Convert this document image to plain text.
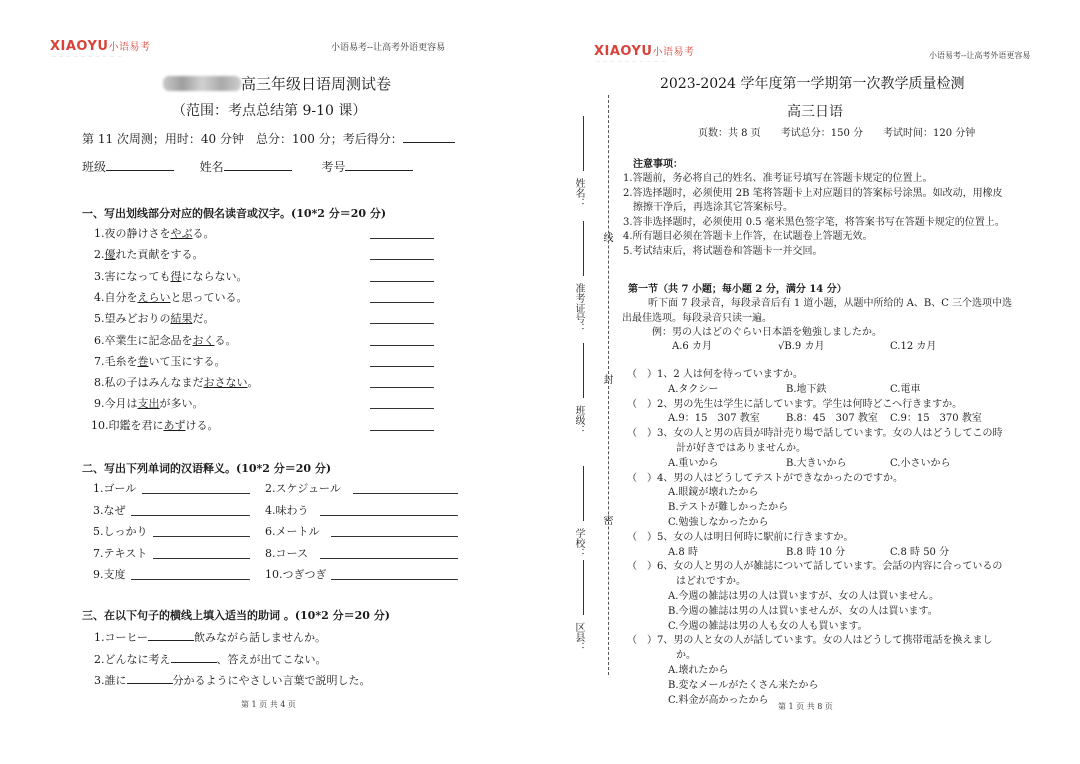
XIAOYU小语易考
— — — — — — — — — —
小语易考--让高考外语更容易
高三年级日语周测试卷
（范围：考点总结第 9-10 课）
第 11 次周测；用时：40 分钟　总分：100 分；考后得分：
班级	姓名	考号
一、写出划线部分对应的假名读音或汉字。(10*2 分＝20 分)
1.夜の静けさをやぶる。
2.優れた貢献をする。
3.害になっても得にならない。
4.自分をえらいと思っている。
5.望みどおりの結果だ。
6.卒業生に記念品をおくる。
7.毛糸を巻いて玉にする。
8.私の子はみんなまだおさない。
9.今月は支出が多い。
10.印鑑を君にあずける。
二、写出下列单词的汉语释义。(10*2 分＝20 分)
1.ゴール	2.スケジュール
3.なぜ	4.味わう
5.しっかり	6.メートル
7.テキスト	8.コース
9.支度	10.つぎつぎ
三、在以下句子的横线上填入适当的助词 。(10*2 分＝20 分)
1.コーヒー	飲みながら話しませんか。
2.どんなに考え	、答えが出てこない。
3.誰に	分かるようにやさしい言葉で説明した。
第 1 页 共 4 页
XIAOYU小语易考
— — — — — — — — — —
小语易考--让高考外语更容易
姓名：
准考证号：
班级：
学校：
区县：
线
封
密
2023-2024 学年度第一学期第一次教学质量检测
高三日语
页数：共 8 页　　考试总分：150 分　　考试时间：120 分钟
注意事项：
1.答题前，务必将自己的姓名、准考证号填写在答题卡规定的位置上。
2.答选择题时，必须使用 2B 笔将答题卡上对应题目的答案标号涂黑。如改动，用橡皮
　擦擦干净后，再选涂其它答案标号。
3.答非选择题时，必须使用 0.5 毫米黑色签字笔，将答案书写在答题卡规定的位置上。
4.所有题目必须在答题卡上作答，在试题卷上答题无效。
5.考试结束后，将试题卷和答题卡一并交回。
第一节（共 7 小题；每小题 2 分，满分 14 分）
听下面 7 段录音，每段录音后有 1 道小题，从题中所给的 A、B、C 三个选项中选
出最佳选项。每段录音只读一遍。
例：男の人はどのぐらい日本語を勉強しましたか。
A.6 カ月	√B.9 カ月	C.12 カ月
（　）1、2 人は何を待っていますか。
A.タクシー	B.地下鉄	C.電車
（　）2、男の先生は学生に話しています。学生は何時どこへ行きますか。
A.9：15　307 教室	B.8：45　307 教室 C.9：15　370 教室
（　）3、女の人と男の店員が時計売り場で話しています。女の人はどうしてこの時
計が好きではありませんか。
A.重いから	B.大きいから	C.小さいから
（　）4、男の人はどうしてテストができなかったのですか。
A.眼鏡が壊れたから
B.テストが難しかったから
C.勉強しなかったから
（　）5、女の人は明日何時に駅前に行きますか。
A.8 時	B.8 時 10 分	C.8 時 50 分
（　）6、女の人と男の人が雑誌について話しています。会話の内容に合っているの
はどれですか。
A.今週の雑誌は男の人は買いますが、女の人は買いません。
B.今週の雑誌は男の人は買いませんが、女の人は買います。
C.今週の雑誌は男の人も女の人も買います。
（　）7、男の人と女の人が話しています。女の人はどうして携帯電話を換えまし
か。
A.壊れたから
B.変なメールがたくさん来たから
C.料金が高かったから
第 1 页 共 8 页
